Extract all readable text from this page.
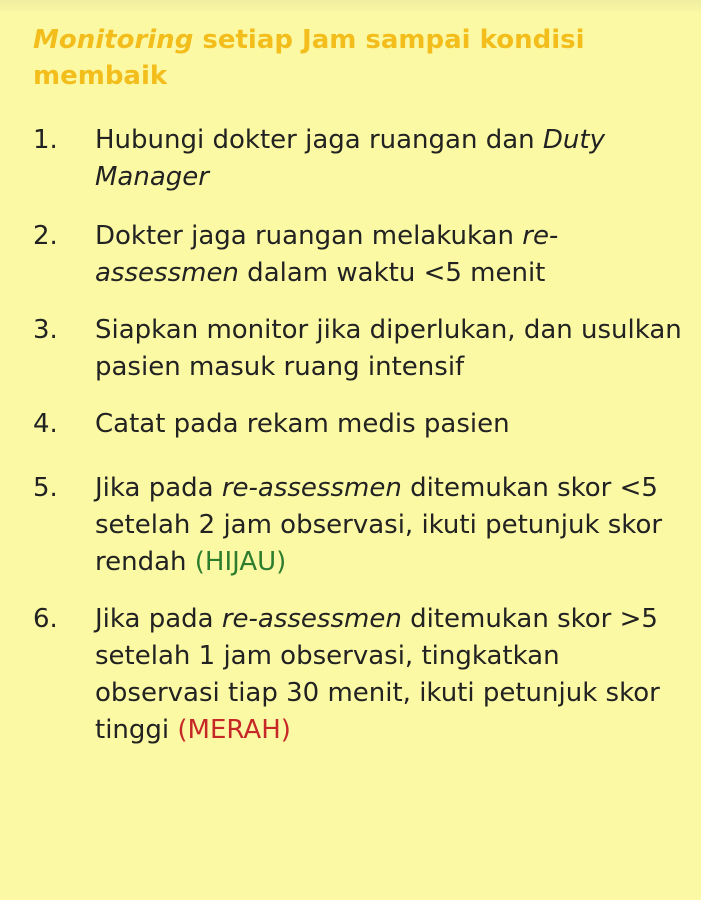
Monitoring setiap Jam sampai kondisi membaik
1. Hubungi dokter jaga ruangan dan Duty Manager
2. Dokter jaga ruangan melakukan re-assessmen dalam waktu <5 menit
3. Siapkan monitor jika diperlukan, dan usulkan pasien masuk ruang intensif
4. Catat pada rekam medis pasien
5. Jika pada re-assessmen ditemukan skor <5 setelah 2 jam observasi, ikuti petunjuk skor rendah (HIJAU)
6. Jika pada re-assessmen ditemukan skor >5 setelah 1 jam observasi, tingkatkan observasi tiap 30 menit, ikuti petunjuk skor tinggi (MERAH)
